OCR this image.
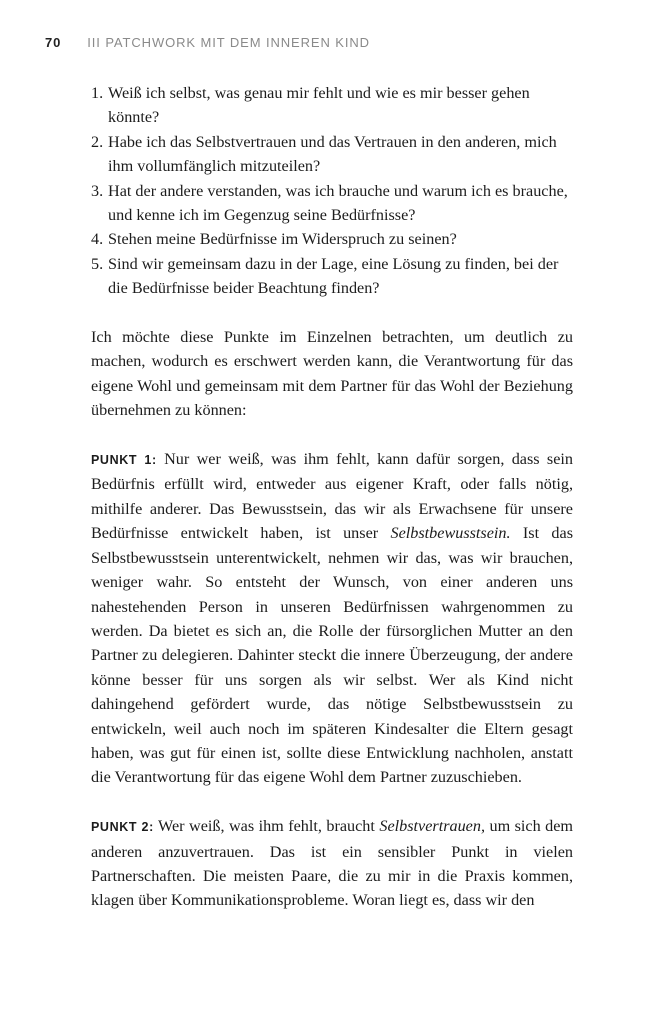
70 III PATCHWORK MIT DEM INNEREN KIND
1. Weiß ich selbst, was genau mir fehlt und wie es mir besser gehen könnte?
2. Habe ich das Selbstvertrauen und das Vertrauen in den anderen, mich ihm vollumfänglich mitzuteilen?
3. Hat der andere verstanden, was ich brauche und warum ich es brauche, und kenne ich im Gegenzug seine Bedürfnisse?
4. Stehen meine Bedürfnisse im Widerspruch zu seinen?
5. Sind wir gemeinsam dazu in der Lage, eine Lösung zu finden, bei der die Bedürfnisse beider Beachtung finden?

Ich möchte diese Punkte im Einzelnen betrachten, um deutlich zu machen, wodurch es erschwert werden kann, die Verantwortung für das eigene Wohl und gemeinsam mit dem Partner für das Wohl der Beziehung übernehmen zu können:

PUNKT 1: Nur wer weiß, was ihm fehlt, kann dafür sorgen, dass sein Bedürfnis erfüllt wird, entweder aus eigener Kraft, oder falls nötig, mithilfe anderer. Das Bewusstsein, das wir als Erwachsene für unsere Bedürfnisse entwickelt haben, ist unser Selbstbewusstsein. Ist das Selbstbewusstsein unterentwickelt, nehmen wir das, was wir brauchen, weniger wahr. So entsteht der Wunsch, von einer anderen uns nahestehenden Person in unseren Bedürfnissen wahrgenommen zu werden. Da bietet es sich an, die Rolle der fürsorglichen Mutter an den Partner zu delegieren. Dahinter steckt die innere Überzeugung, der andere könne besser für uns sorgen als wir selbst. Wer als Kind nicht dahingehend gefördert wurde, das nötige Selbstbewusstsein zu entwickeln, weil auch noch im späteren Kindesalter die Eltern gesagt haben, was gut für einen ist, sollte diese Entwicklung nachholen, anstatt die Verantwortung für das eigene Wohl dem Partner zuzuschieben.

PUNKT 2: Wer weiß, was ihm fehlt, braucht Selbstvertrauen, um sich dem anderen anzuvertrauen. Das ist ein sensibler Punkt in vielen Partnerschaften. Die meisten Paare, die zu mir in die Praxis kommen, klagen über Kommunikationsprobleme. Woran liegt es, dass wir den
